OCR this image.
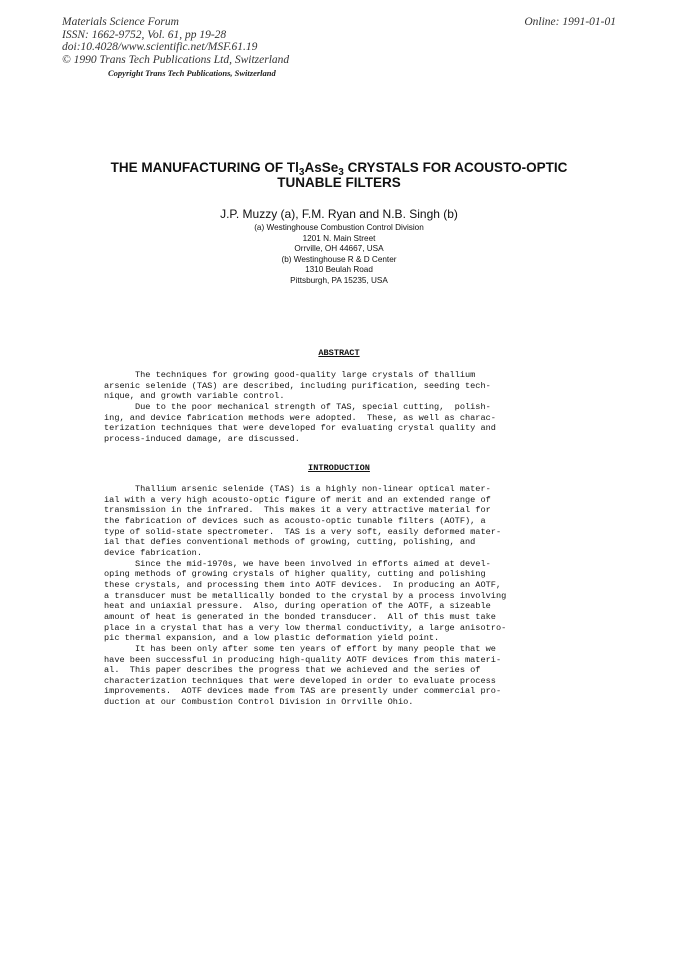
Materials Science Forum
ISSN: 1662-9752, Vol. 61, pp 19-28
doi:10.4028/www.scientific.net/MSF.61.19
© 1990 Trans Tech Publications Ltd, Switzerland
Online: 1991-01-01
Copyright Trans Tech Publications, Switzerland
THE MANUFACTURING OF $Tl_3AsSe_3$ CRYSTALS FOR ACOUSTO-OPTIC
TUNABLE FILTERS
J.P. Muzzy (a), F.M. Ryan and N.B. Singh (b)
(a) Westinghouse Combustion Control Division
1201 N. Main Street
Orrville, OH 44667, USA
(b) Westinghouse R & D Center
1310 Beulah Road
Pittsburgh, PA 15235, USA
ABSTRACT
The techniques for growing good-quality large crystals of thallium
arsenic selenide (TAS) are described, including purification, seeding tech-
nique, and growth variable control.
Due to the poor mechanical strength of TAS, special cutting,  polish-
ing, and device fabrication methods were adopted.  These, as well as charac-
terization techniques that were developed for evaluating crystal quality and
process-induced damage, are discussed.
INTRODUCTION
Thallium arsenic selenide (TAS) is a highly non-linear optical mater-
ial with a very high acousto-optic figure of merit and an extended range of
transmission in the infrared.  This makes it a very attractive material for
the fabrication of devices such as acousto-optic tunable filters (AOTF), a
type of solid-state spectrometer.  TAS is a very soft, easily deformed mater-
ial that defies conventional methods of growing, cutting, polishing, and
device fabrication.
Since the mid-1970s, we have been involved in efforts aimed at devel-
oping methods of growing crystals of higher quality, cutting and polishing
these crystals, and processing them into AOTF devices.  In producing an AOTF,
a transducer must be metallically bonded to the crystal by a process involving
heat and uniaxial pressure.  Also, during operation of the AOTF, a sizeable
amount of heat is generated in the bonded transducer.  All of this must take
place in a crystal that has a very low thermal conductivity, a large anisotro-
pic thermal expansion, and a low plastic deformation yield point.
It has been only after some ten years of effort by many people that we
have been successful in producing high-quality AOTF devices from this materi-
al.  This paper describes the progress that we achieved and the series of
characterization techniques that were developed in order to evaluate process
improvements.  AOTF devices made from TAS are presently under commercial pro-
duction at our Combustion Control Division in Orrville Ohio.
